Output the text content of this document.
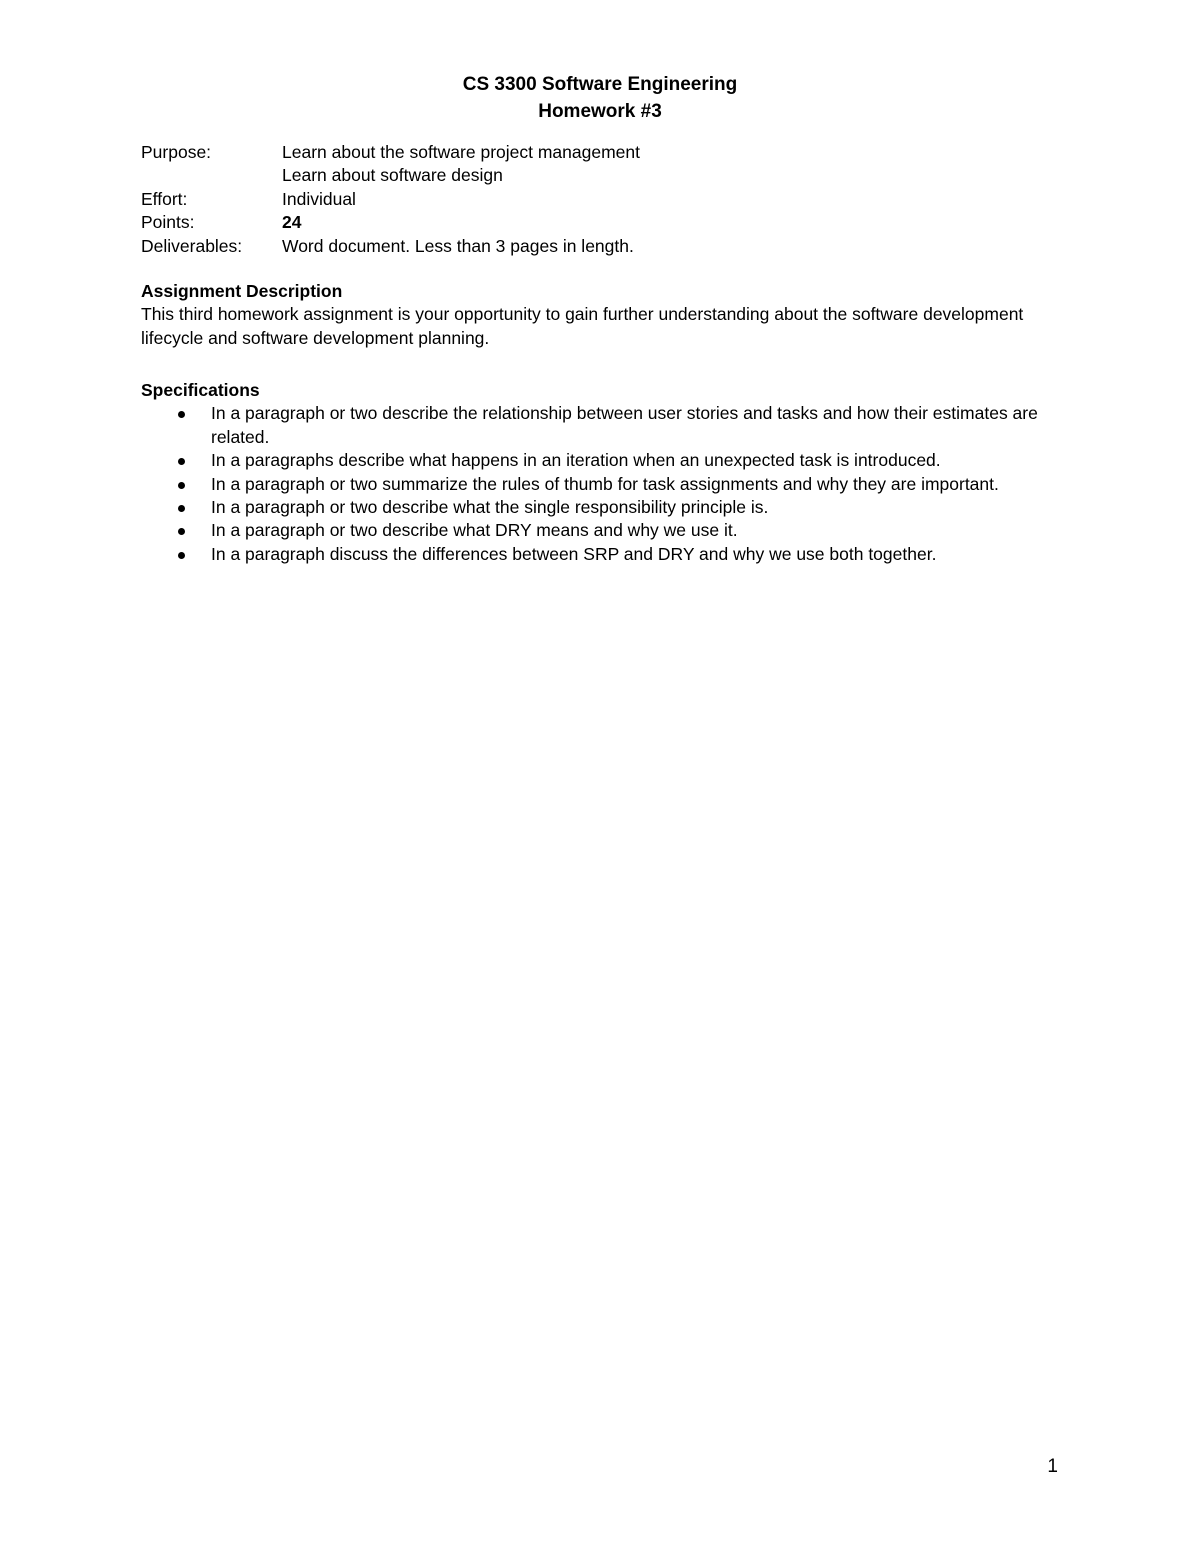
CS 3300 Software Engineering
Homework #3
Purpose:	Learn about the software project management
Learn about software design
Effort:	Individual
Points:	24
Deliverables:	Word document. Less than 3 pages in length.
Assignment Description
This third homework assignment is your opportunity to gain further understanding about the software development lifecycle and software development planning.
Specifications
In a paragraph or two describe the relationship between user stories and tasks and how their estimates are related.
In a paragraphs describe what happens in an iteration when an unexpected task is introduced.
In a paragraph or two summarize the rules of thumb for task assignments and why they are important.
In a paragraph or two describe what the single responsibility principle is.
In a paragraph or two describe what DRY means and why we use it.
In a paragraph discuss the differences between SRP and DRY and why we use both together.
1
